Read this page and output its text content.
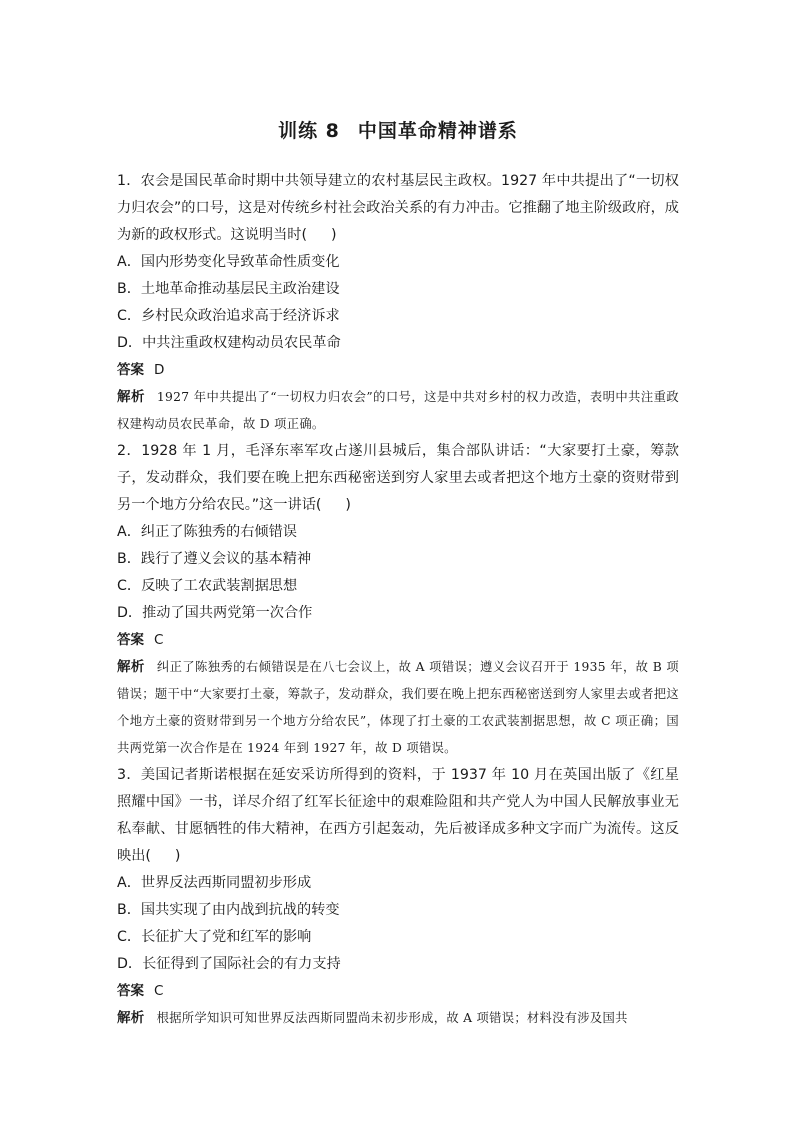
训练 8 中国革命精神谱系

1．农会是国民革命时期中共领导建立的农村基层民主政权。1927 年中共提出了“一切权力归农会”的口号，这是对传统乡村社会政治关系的有力冲击。它推翻了地主阶级政府，成为新的政权形式。这说明当时( )

A．国内形势变化导致革命性质变化

B．土地革命推动基层民主政治建设

C．乡村民众政治追求高于经济诉求

D．中共注重政权建构动员农民革命

答案 D

解析 1927 年中共提出了“一切权力归农会”的口号，这是中共对乡村的权力改造，表明中共注重政权建构动员农民革命，故 D 项正确。

2．1928 年 1 月，毛泽东率军攻占遂川县城后，集合部队讲话：“大家要打土豪，筹款子，发动群众，我们要在晚上把东西秘密送到穷人家里去或者把这个地方土豪的资财带到另一个地方分给农民。”这一讲话( )

A．纠正了陈独秀的右倾错误

B．践行了遵义会议的基本精神

C．反映了工农武装割据思想

D．推动了国共两党第一次合作

答案 C

解析 纠正了陈独秀的右倾错误是在八七会议上，故 A 项错误；遵义会议召开于 1935 年，故 B 项错误；题干中“大家要打土豪，筹款子，发动群众，我们要在晚上把东西秘密送到穷人家里去或者把这个地方土豪的资财带到另一个地方分给农民”，体现了打土豪的工农武装割据思想，故 C 项正确；国共两党第一次合作是在 1924 年到 1927 年，故 D 项错误。

3．美国记者斯诺根据在延安采访所得到的资料，于 1937 年 10 月在英国出版了《红星照耀中国》一书，详尽介绍了红军长征途中的艰难险阻和共产党人为中国人民解放事业无私奉献、甘愿牺牲的伟大精神，在西方引起轰动，先后被译成多种文字而广为流传。这反映出( )

A．世界反法西斯同盟初步形成

B．国共实现了由内战到抗战的转变

C．长征扩大了党和红军的影响

D．长征得到了国际社会的有力支持

答案 C

解析 根据所学知识可知世界反法西斯同盟尚未初步形成，故 A 项错误；材料没有涉及国共
